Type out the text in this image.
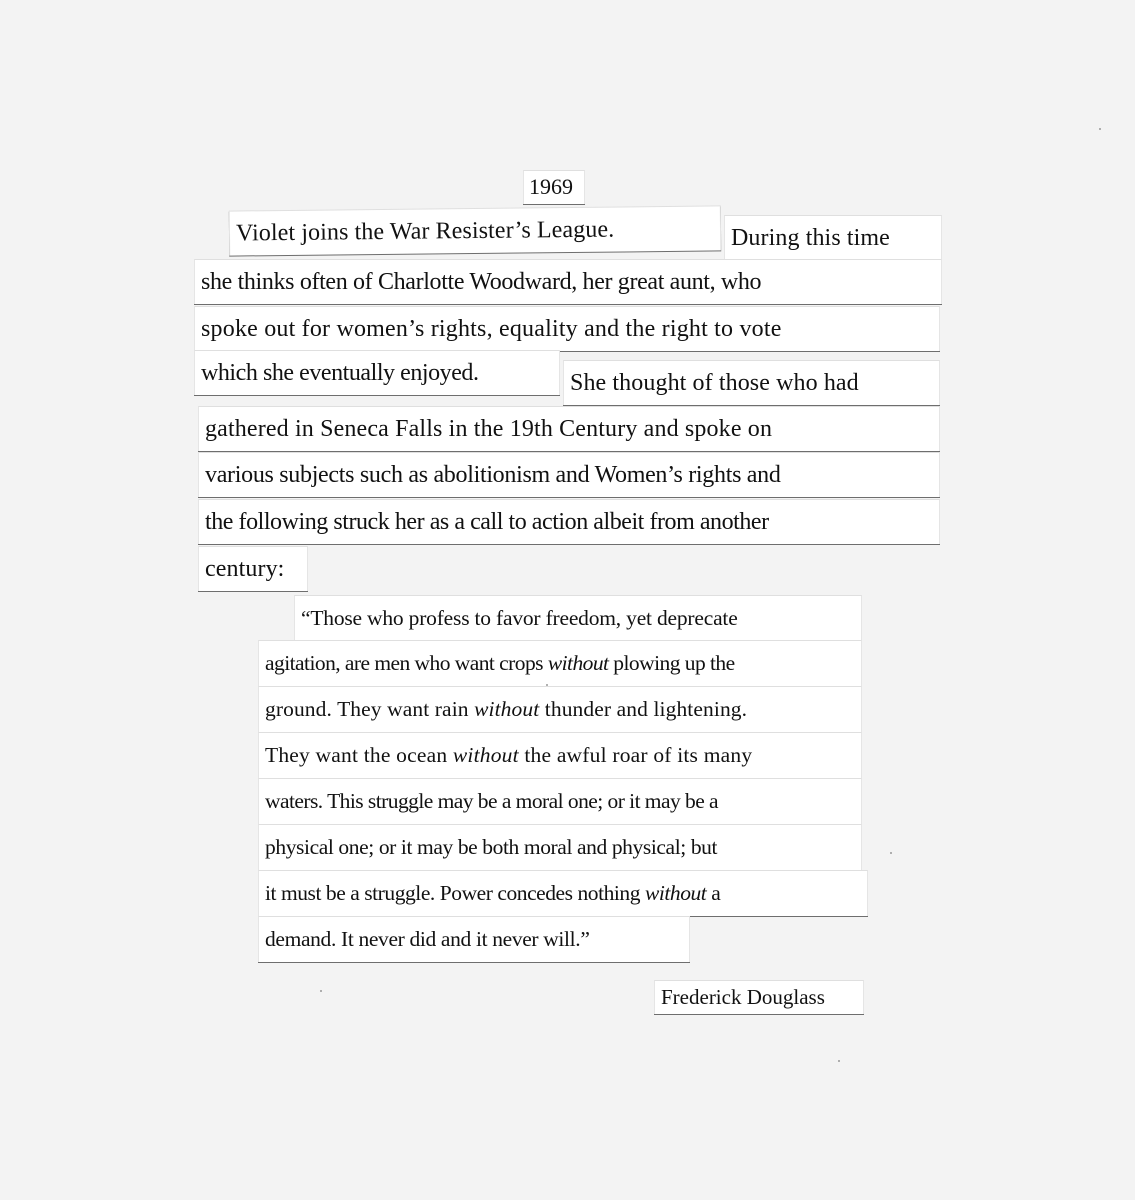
1969
Violet joins the War Resister’s League.	During this time
she thinks often of Charlotte Woodward, her great aunt, who
spoke out for women’s rights, equality and the right to vote
which she eventually enjoyed.	She thought of those who had
gathered in Seneca Falls in the 19th Century and spoke on
various subjects such as abolitionism and Women’s rights and
the following struck her as a call to action albeit from another
century:
“Those who profess to favor freedom, yet deprecate
agitation, are men who want crops without plowing up the
ground. They want rain without thunder and lightening.
They want the ocean without the awful roar of its many
waters. This struggle may be a moral one; or it may be a
physical one; or it may be both moral and physical; but
it must be a struggle. Power concedes nothing without a
demand. It never did and it never will.”
Frederick Douglass
